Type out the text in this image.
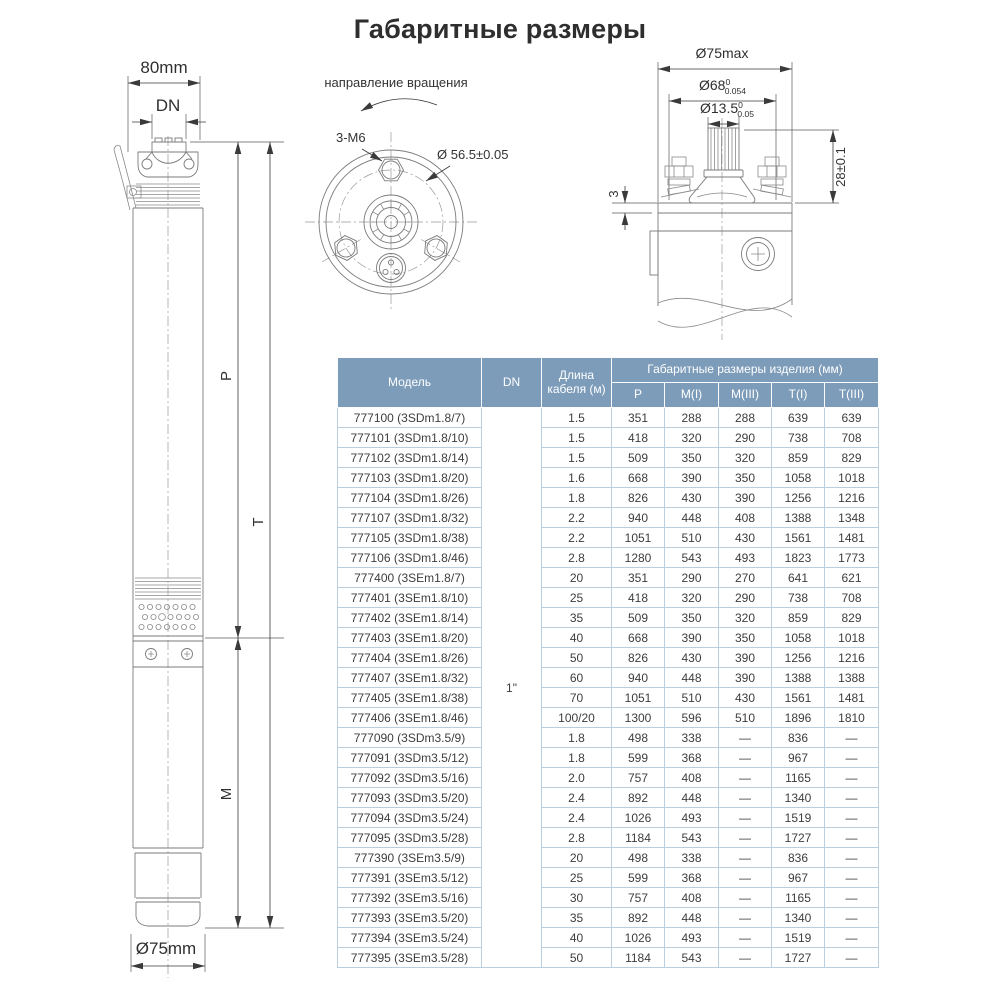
Габаритные размеры
80mm
DN
Ø75mm
P
T
M
направление вращения
3-M6
Ø 56.5±0.05
Ø75max
$Ø68^0$ 0.054
Ø13.5$^0$ 0.05
28±0.1
3
Модель	DN	Длина кабеля (м)	Габаритные размеры изделия (мм)				
			P	M(I)	M(III)	T(I)	T(III)
777100 (3SDm1.8/7)	1"	1.5	351	288	288	639	639
777101 (3SDm1.8/10)		1.5	418	320	290	738	708
777102 (3SDm1.8/14)		1.5	509	350	320	859	829
777103 (3SDm1.8/20)		1.6	668	390	350	1058	1018
777104 (3SDm1.8/26)		1.8	826	430	390	1256	1216
777107 (3SDm1.8/32)		2.2	940	448	408	1388	1348
777105 (3SDm1.8/38)		2.2	1051	510	430	1561	1481
777106 (3SDm1.8/46)		2.8	1280	543	493	1823	1773
777400 (3SEm1.8/7)		20	351	290	270	641	621
777401 (3SEm1.8/10)		25	418	320	290	738	708
777402 (3SEm1.8/14)		35	509	350	320	859	829
777403 (3SEm1.8/20)		40	668	390	350	1058	1018
777404 (3SEm1.8/26)		50	826	430	390	1256	1216
777407 (3SEm1.8/32)		60	940	448	390	1388	1388
777405 (3SEm1.8/38)		70	1051	510	430	1561	1481
777406 (3SEm1.8/46)		100/20	1300	596	510	1896	1810
777090 (3SDm3.5/9)		1.8	498	338	—	836	—
777091 (3SDm3.5/12)		1.8	599	368	—	967	—
777092 (3SDm3.5/16)		2.0	757	408	—	1165	—
777093 (3SDm3.5/20)		2.4	892	448	—	1340	—
777094 (3SDm3.5/24)		2.4	1026	493	—	1519	—
777095 (3SDm3.5/28)		2.8	1184	543	—	1727	—
777390 (3SEm3.5/9)		20	498	338	—	836	—
777391 (3SEm3.5/12)		25	599	368	—	967	—
777392 (3SEm3.5/16)		30	757	408	—	1165	—
777393 (3SEm3.5/20)		35	892	448	—	1340	—
777394 (3SEm3.5/24)		40	1026	493	—	1519	—
777395 (3SEm3.5/28)		50	1184	543	—	1727	—
